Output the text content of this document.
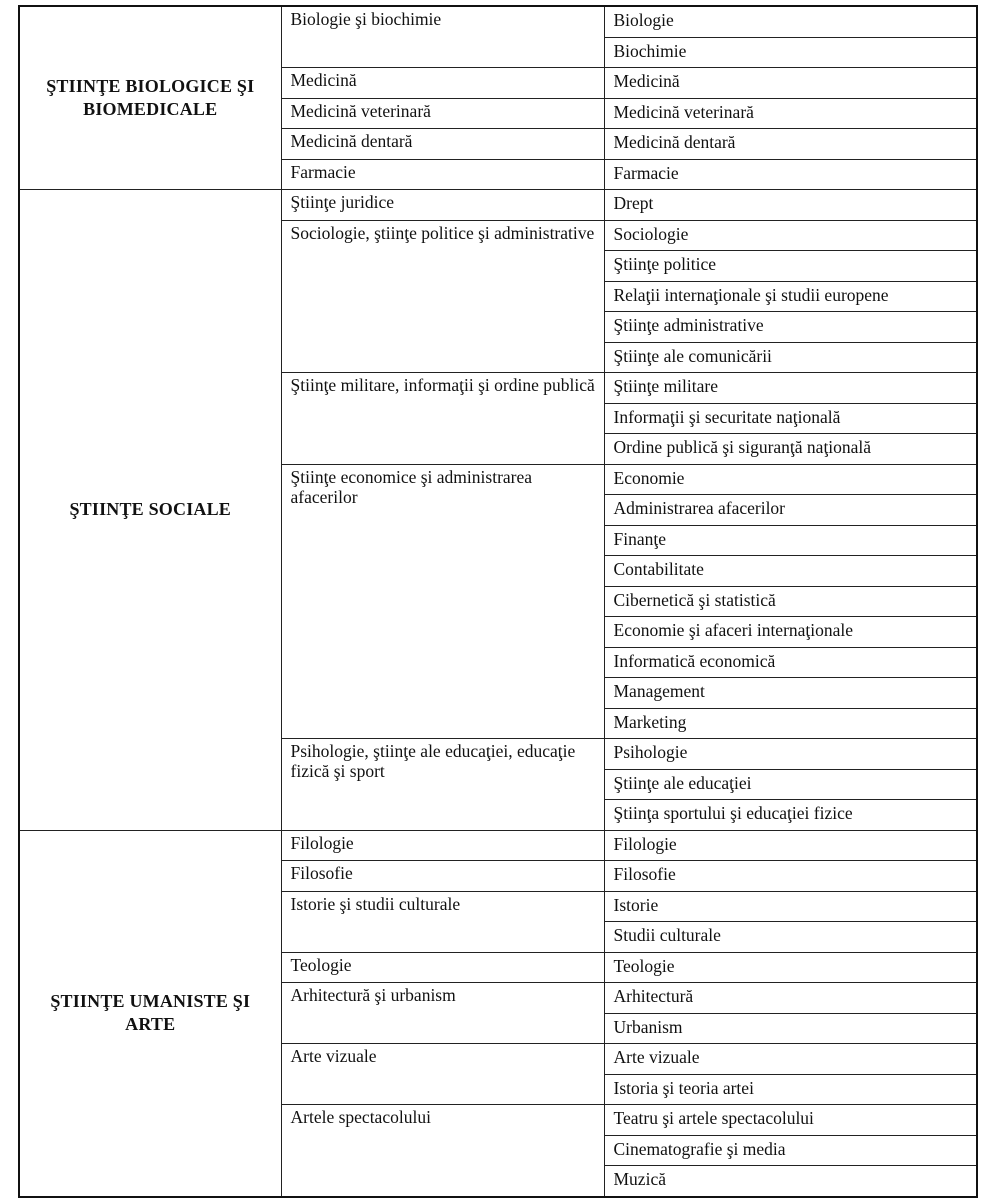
ŞTIINŢE BIOLOGICE ŞI BIOMEDICALE	Biologie şi biochimie	Biologie
		Biochimie
	Medicină	Medicină
	Medicină veterinară	Medicină veterinară
	Medicină dentară	Medicină dentară
	Farmacie	Farmacie
ŞTIINŢE SOCIALE	Ştiinţe juridice	Drept
	Sociologie, ştiinţe politice şi administrative	Sociologie
		Ştiinţe politice
		Relaţii internaţionale şi studii europene
		Ştiinţe administrative
		Ştiinţe ale comunicării
	Ştiinţe militare, informaţii şi ordine publică	Ştiinţe militare
		Informaţii şi securitate naţională
		Ordine publică şi siguranţă naţională
	Ştiinţe economice şi administrarea afacerilor	Economie
		Administrarea afacerilor
		Finanţe
		Contabilitate
		Cibernetică şi statistică
		Economie şi afaceri internaţionale
		Informatică economică
		Management
		Marketing
	Psihologie, ştiinţe ale educaţiei, educaţie fizică şi sport	Psihologie
		Ştiinţe ale educaţiei
		Ştiinţa sportului şi educaţiei fizice
ŞTIINŢE UMANISTE ŞI ARTE	Filologie	Filologie
	Filosofie	Filosofie
	Istorie şi studii culturale	Istorie
		Studii culturale
	Teologie	Teologie
	Arhitectură şi urbanism	Arhitectură
		Urbanism
	Arte vizuale	Arte vizuale
		Istoria şi teoria artei
	Artele spectacolului	Teatru şi artele spectacolului
		Cinematografie şi media
		Muzică
